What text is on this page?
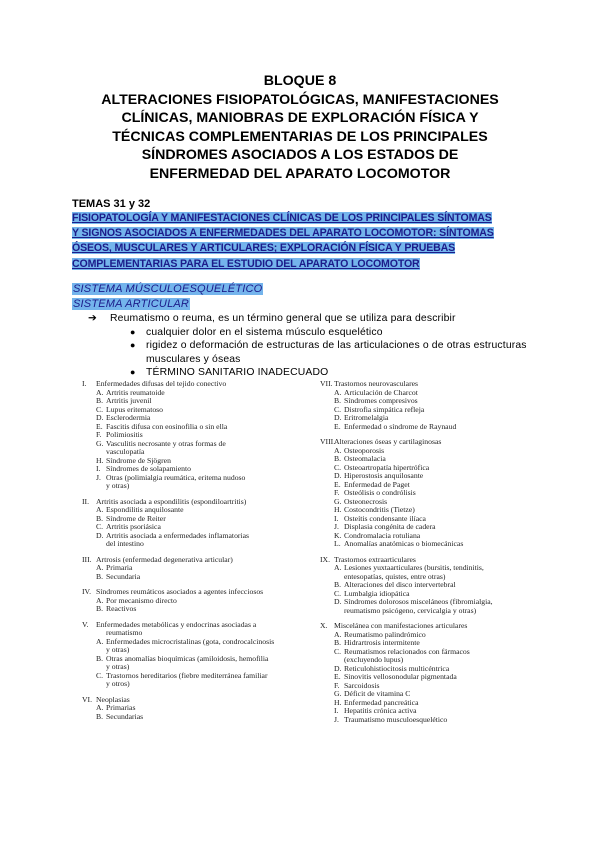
BLOQUE 8
ALTERACIONES FISIOPATOLÓGICAS, MANIFESTACIONES
CLÍNICAS, MANIOBRAS DE EXPLORACIÓN FÍSICA Y
TÉCNICAS COMPLEMENTARIAS DE LOS PRINCIPALES
SÍNDROMES ASOCIADOS A LOS ESTADOS DE
ENFERMEDAD DEL APARATO LOCOMOTOR
TEMAS 31 y 32
FISIOPATOLOGÍA Y MANIFESTACIONES CLÍNICAS DE LOS PRINCIPALES SÍNTOMAS
Y SIGNOS ASOCIADOS A ENFERMEDADES DEL APARATO LOCOMOTOR: SÍNTOMAS
ÓSEOS, MUSCULARES Y ARTICULARES; EXPLORACIÓN FÍSICA Y PRUEBAS
COMPLEMENTARIAS PARA EL ESTUDIO DEL APARATO LOCOMOTOR
SISTEMA MÚSCULOESQUELÉTICO
SISTEMA ARTICULAR
➔ Reumatismo o reuma, es un término general que se utiliza para describir
● cualquier dolor en el sistema músculo esquelético
● rigidez o deformación de estructuras de las articulaciones o de otras estructuras
musculares y óseas
● TÉRMINO SANITARIO INADECUADO
I. Enfermedades difusas del tejido conectivo
A. Artritis reumatoide
B. Artritis juvenil
C. Lupus eritematoso
D. Esclerodermia
E. Fascitis difusa con eosinofilia o sin ella
F. Polimiositis
G. Vasculitis necrosante y otras formas de
vasculopatía
H. Síndrome de Sjögren
I. Síndromes de solapamiento
J. Otras (polimialgia reumática, eritema nudoso
y otras)
II. Artritis asociada a espondilitis (espondiloartritis)
A. Espondilitis anquilosante
B. Síndrome de Reiter
C. Artritis psoriásica
D. Artritis asociada a enfermedades inflamatorias
del intestino
III. Artrosis (enfermedad degenerativa articular)
A. Primaria
B. Secundaria
IV. Síndromes reumáticos asociados a agentes infecciosos
A. Por mecanismo directo
B. Reactivos
V. Enfermedades metabólicas y endocrinas asociadas a
reumatismo
A. Enfermedades microcristalinas (gota, condrocalcinosis
y otras)
B. Otras anomalías bioquímicas (amiloidosis, hemofilia
y otras)
C. Trastornos hereditarios (fiebre mediterránea familiar
y otros)
VI. Neoplasias
A. Primarias
B. Secundarias
VII. Trastornos neurovasculares
A. Articulación de Charcot
B. Síndromes compresivos
C. Distrofia simpática refleja
D. Eritromelalgia
E. Enfermedad o síndrome de Raynaud
VIII.
Alteraciones óseas y cartilaginosas
A. Osteoporosis
B. Osteomalacia
C. Osteoartropatía hipertrófica
D. Hiperostosis anquilosante
E. Enfermedad de Paget
F. Osteólisis o condrólisis
G. Osteonecrosis
H. Costocondritis (Tietze)
I. Osteítis condensante ilíaca
J. Displasia congénita de cadera
K. Condromalacia rotuliana
L. Anomalías anatómicas o biomecánicas
IX. Trastornos extraarticulares
A. Lesiones yuxtaarticulares (bursitis, tendinitis,
entesopatías, quistes, entre otras)
B. Alteraciones del disco intervertebral
C. Lumbalgia idiopática
D. Síndromes dolorosos misceláneos (fibromialgia,
reumatismo psicógeno, cervicalgia y otras)
X. Miscelánea con manifestaciones articulares
A. Reumatismo palindrómico
B. Hidrartrosis intermitente
C. Reumatismos relacionados con fármacos
(excluyendo lupus)
D. Reticulohistiocitosis multicéntrica
E. Sinovitis vellosonodular pigmentada
F. Sarcoidosis
G. Déficit de vitamina C
H. Enfermedad pancreática
I. Hepatitis crónica activa
J. Traumatismo musculoesquelético
